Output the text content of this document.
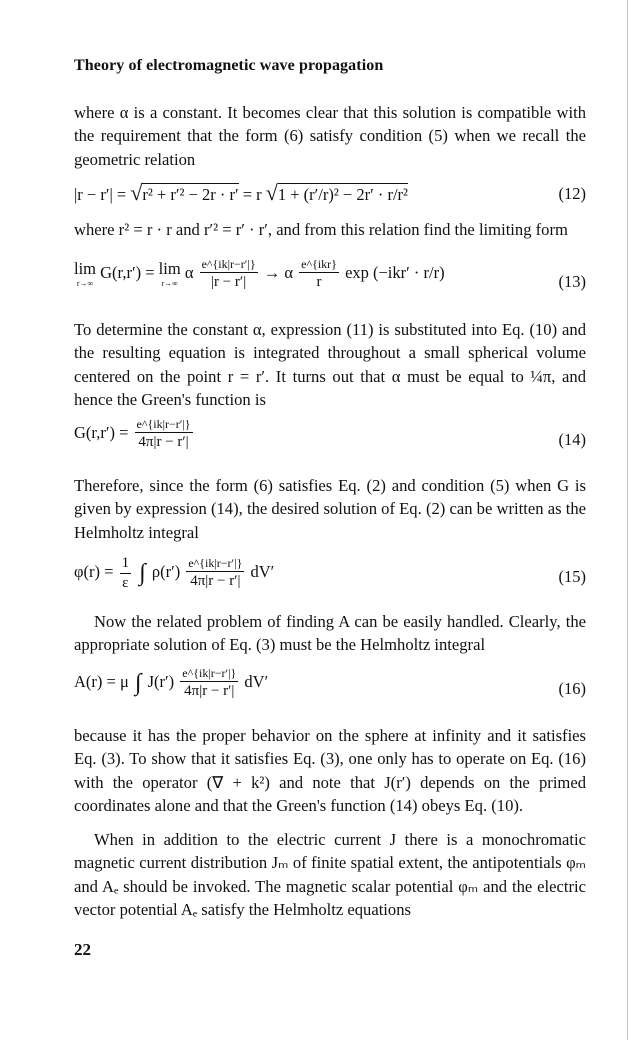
Theory of electromagnetic wave propagation

where α is a constant. It becomes clear that this solution is compatible with the requirement that the form (6) satisfy condition (5) when we recall the geometric relation

|r − r′| = √r² + r′² − 2r · r′ = r √1 + (r′/r)² − 2r′ · r/r²	(12)

where r² = r · r and r′² = r′ · r′, and from this relation find the limiting form

lim
r→∞
G(r,r′) = lim
r→∞
α $\frac{e\^{}\{ik|r-r'|\}}{|r - r'|} \to \alpha \frac{\text{e\textasciicircum{}\{ikr\}}}{r}$ exp (−ikr′ · r/r)	(13)

To determine the constant α, expression (11) is substituted into Eq. (10) and the resulting equation is integrated throughout a small spherical volume centered on the point r = r′. It turns out that α must be equal to ¼π, and hence the Green's function is

$G(r,r') = \frac{e\^{}\{ik|r-r'|\}}{4\pi|r - r'|}$	(14)

Therefore, since the form (6) satisfies Eq. (2) and condition (5) when G is given by expression (14), the desired solution of Eq. (2) can be written as the Helmholtz integral

$\varphi(r) = \frac{1}{\varepsilon}$ ∫ $\rho(r') \frac{e\^{}\{ik|r-r'|\}}{4\pi|r - r'|} dV'$	(15)

Now the related problem of finding A can be easily handled. Clearly, the appropriate solution of Eq. (3) must be the Helmholtz integral

A(r) = μ ∫ $J(r') \frac{e\^{}\{ik|r-r'|\}}{4\pi|r - r'|} dV'$	(16)

because it has the proper behavior on the sphere at infinity and it satisfies Eq. (3). To show that it satisfies Eq. (3), one only has to operate on Eq. (16) with the operator (∇ + k²) and note that J(r′) depends on the primed coordinates alone and that the Green's function (14) obeys Eq. (10).

When in addition to the electric current J there is a monochromatic magnetic current distribution Jₘ of finite spatial extent, the antipotentials φₘ and Aₑ should be invoked. The magnetic scalar potential φₘ and the electric vector potential Aₑ satisfy the Helmholtz equations

22
